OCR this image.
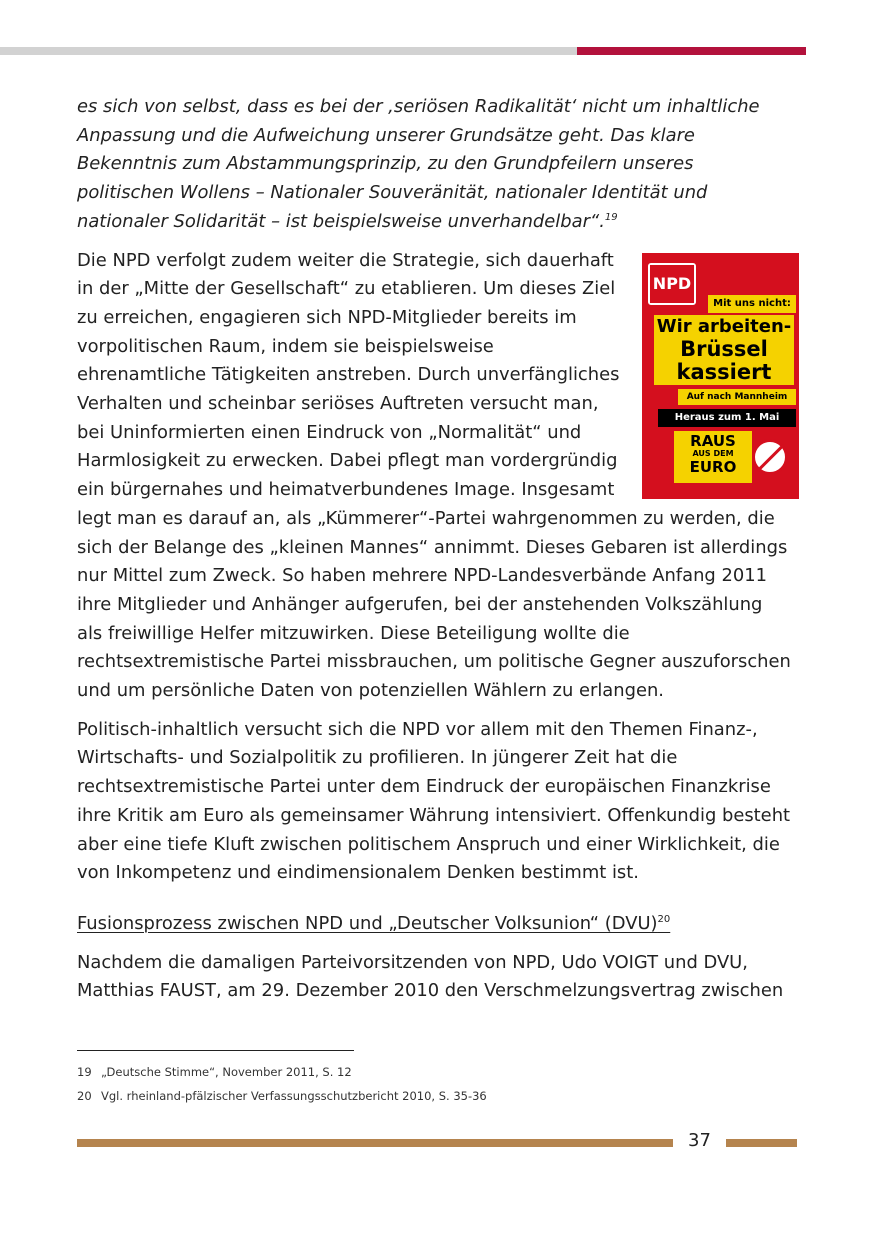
es sich von selbst, dass es bei der ‚seriösen Radikalität‘ nicht um inhaltliche Anpassung und die Aufweichung unserer Grundsätze geht. Das klare Bekenntnis zum Abstammungsprinzip, zu den Grundpfeilern unseres politischen Wollens – Nationaler Souveränität, nationaler Identität und nationaler Solidarität – ist beispielsweise unverhandelbar“.$^{19}$

NPD
Mit uns nicht:
Wir arbeiten-
Brüssel
kassiert
Auf nach Mannheim
Heraus zum 1. Mai
RAUS
AUS DEM
EURO
Die NPD verfolgt zudem weiter die Strategie, sich dauerhaft in der „Mitte der Gesellschaft“ zu etablieren. Um dieses Ziel zu erreichen, engagieren sich NPD-Mitglieder bereits im vorpolitischen Raum, indem sie beispielsweise ehrenamtliche Tätigkeiten anstreben. Durch unverfängliches Verhalten und scheinbar seriöses Auftreten versucht man, bei Uninformierten einen Eindruck von „Normalität“ und Harmlosigkeit zu erwecken. Dabei pflegt man vordergründig ein bürgernahes und heimatverbundenes Image. Insgesamt legt man es darauf an, als „Kümmerer“-Partei wahrgenommen zu werden, die sich der Belange des „kleinen Mannes“ annimmt. Dieses Gebaren ist allerdings nur Mittel zum Zweck. So haben mehrere NPD-Landesverbände Anfang 2011 ihre Mitglieder und Anhänger aufgerufen, bei der anstehenden Volkszählung als freiwillige Helfer mitzuwirken. Diese Beteiligung wollte die rechtsextremistische Partei missbrauchen, um politische Gegner auszuforschen und um persönliche Daten von potenziellen Wählern zu erlangen.

Politisch-inhaltlich versucht sich die NPD vor allem mit den Themen Finanz-, Wirtschafts- und Sozialpolitik zu profilieren. In jüngerer Zeit hat die rechtsextremistische Partei unter dem Eindruck der europäischen Finanzkrise ihre Kritik am Euro als gemeinsamer Währung intensiviert. Offenkundig besteht aber eine tiefe Kluft zwischen politischem Anspruch und einer Wirklichkeit, die von Inkompetenz und eindimensionalem Denken bestimmt ist.

Fusionsprozess zwischen NPD und „Deutscher Volksunion“ (DVU)$^{20}$

Nachdem die damaligen Parteivorsitzenden von NPD, Udo VOIGT und DVU, Matthias FAUST, am 29. Dezember 2010 den Verschmelzungsvertrag zwischen

19 „Deutsche Stimme“, November 2011, S. 12
20 Vgl. rheinland-pfälzischer Verfassungsschutzbericht 2010, S. 35-36
37
